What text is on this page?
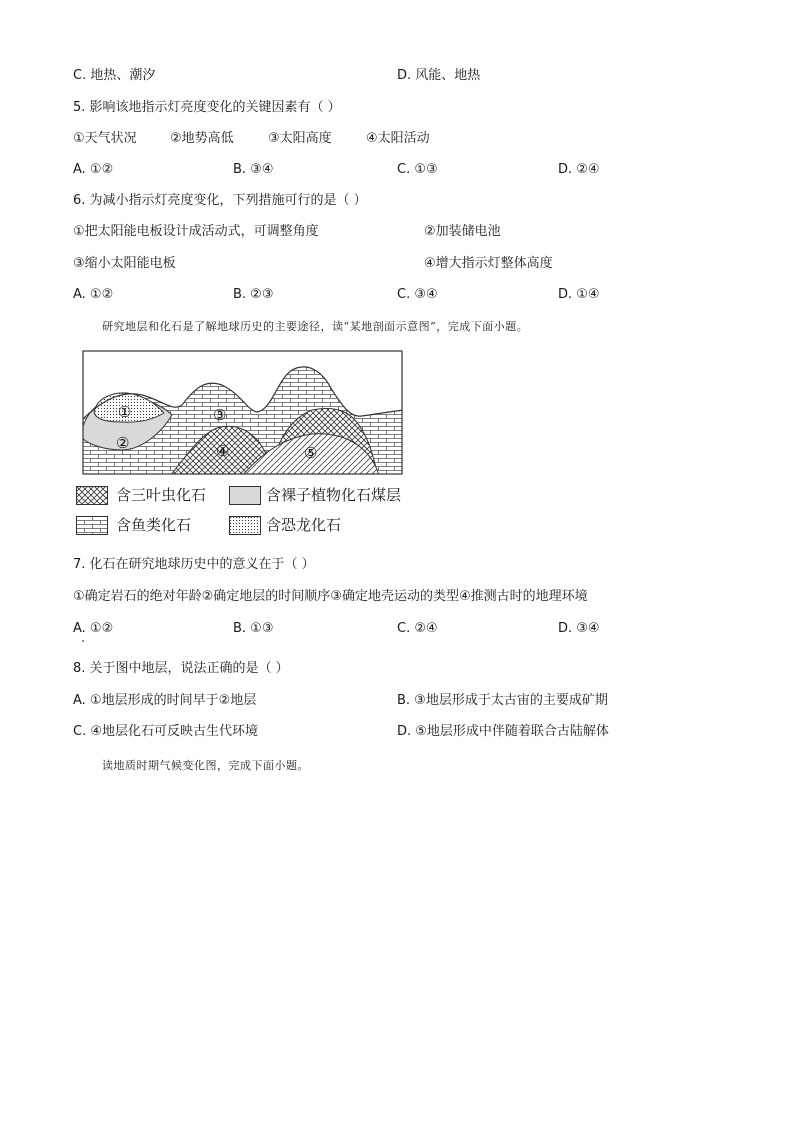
C. 地热、潮汐	D. 风能、地热
5. 影响该地指示灯亮度变化的关键因素有（ ）
①天气状况	②地势高低	③太阳高度	④太阳活动
A. ①②	B. ③④	C. ①③	D. ②④
6. 为减小指示灯亮度变化，下列措施可行的是（ ）
①把太阳能电板设计成活动式，可调整角度	②加装储电池
③缩小太阳能电板	④增大指示灯整体高度
A. ①②	B. ②③	C. ③④	D. ①④
研究地层和化石是了解地球历史的主要途径，读“某地剖面示意图”，完成下面小题。
①
②
③
④	⑤
含三叶虫化石	含裸子植物化石煤层
含鱼类化石	含恐龙化石
7. 化石在研究地球历史中的意义在于（ ）
①确定岩石的绝对年龄②确定地层的时间顺序③确定地壳运动的类型④推测古时的地理环境
A. ①②	B. ①③	C. ②④	D. ③④
8. 关于图中地层，说法正确的是（ ）
A. ①地层形成的时间早于②地层	B. ③地层形成于太古宙的主要成矿期
C. ④地层化石可反映古生代环境	D. ⑤地层形成中伴随着联合古陆解体
读地质时期气候变化图，完成下面小题。
